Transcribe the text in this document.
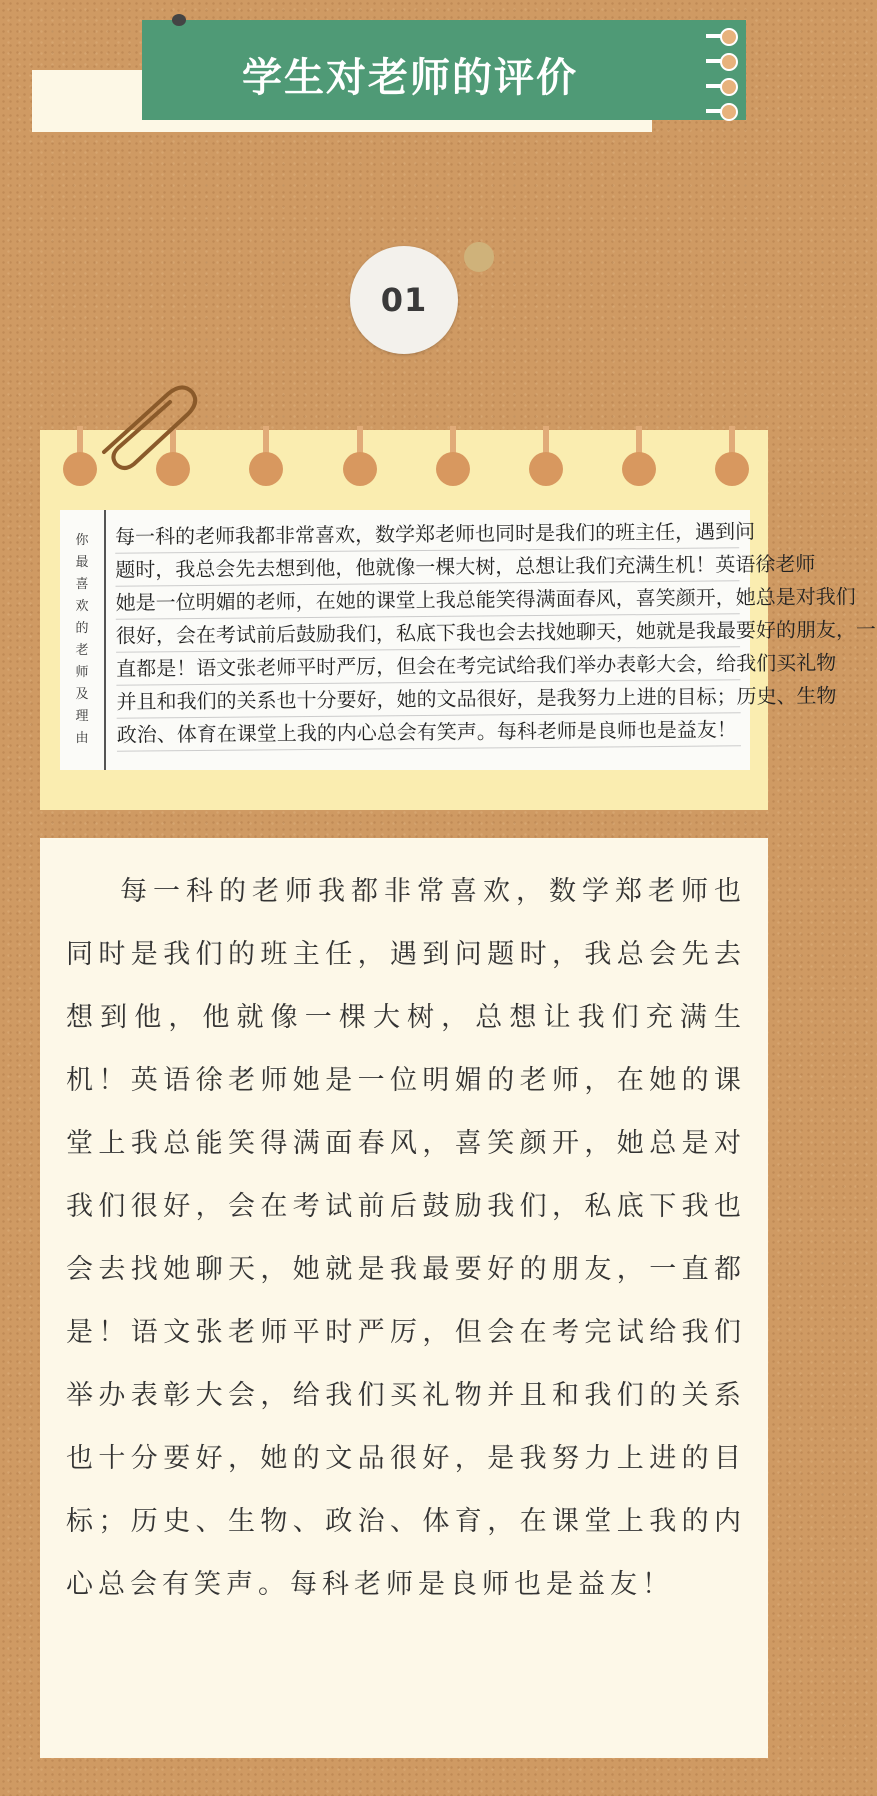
学生对老师的评价
01
你
最
喜
欢
的
老
师
及
理
由
每一科的老师我都非常喜欢，数学郑老师也同时是我们的班主任，遇到问
题时，我总会先去想到他，他就像一棵大树，总想让我们充满生机！英语徐老师
她是一位明媚的老师，在她的课堂上我总能笑得满面春风，喜笑颜开，她总是对我们
很好，会在考试前后鼓励我们，私底下我也会去找她聊天，她就是我最要好的朋友，一
直都是！语文张老师平时严厉，但会在考完试给我们举办表彰大会，给我们买礼物
并且和我们的关系也十分要好，她的文品很好，是我努力上进的目标；历史、生物
政治、体育在课堂上我的内心总会有笑声。每科老师是良师也是益友！
每一科的老师我都非常喜欢，数学郑老师也同时是我们的班主任，遇到问题时，我总会先去想到他，他就像一棵大树，总想让我们充满生机！英语徐老师她是一位明媚的老师，在她的课堂上我总能笑得满面春风，喜笑颜开，她总是对我们很好，会在考试前后鼓励我们，私底下我也会去找她聊天，她就是我最要好的朋友，一直都是！语文张老师平时严厉，但会在考完试给我们举办表彰大会，给我们买礼物并且和我们的关系也十分要好，她的文品很好，是我努力上进的目标；历史、生物、政治、体育，在课堂上我的内心总会有笑声。每科老师是良师也是益友！
